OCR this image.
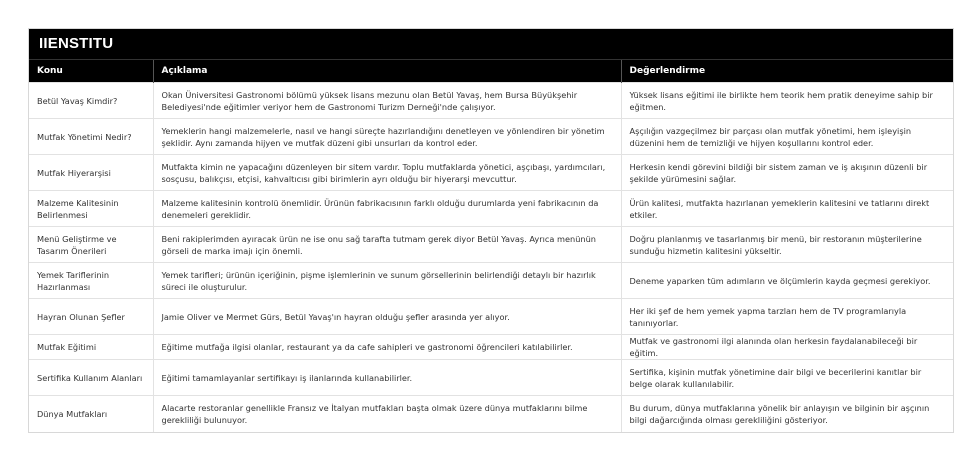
IIENSTITU
Konu	Açıklama	Değerlendirme
Betül Yavaş Kimdir?	Okan Üniversitesi Gastronomi bölümü yüksek lisans mezunu olan Betül Yavaş, hem Bursa Büyükşehir Belediyesi'nde eğitimler veriyor hem de Gastronomi Turizm Derneği'nde çalışıyor.	Yüksek lisans eğitimi ile birlikte hem teorik hem pratik deneyime sahip bir eğitmen.
Mutfak Yönetimi Nedir?	Yemeklerin hangi malzemelerle, nasıl ve hangi süreçte hazırlandığını denetleyen ve yönlendiren bir yönetim şeklidir. Aynı zamanda hijyen ve mutfak düzeni gibi unsurları da kontrol eder.	Aşçılığın vazgeçilmez bir parçası olan mutfak yönetimi, hem işleyişin düzenini hem de temizliği ve hijyen koşullarını kontrol eder.
Mutfak Hiyerarşisi	Mutfakta kimin ne yapacağını düzenleyen bir sitem vardır. Toplu mutfaklarda yönetici, aşçıbaşı, yardımcıları, sosçusu, balıkçısı, etçisi, kahvaltıcısı gibi birimlerin ayrı olduğu bir hiyerarşi mevcuttur.	Herkesin kendi görevini bildiği bir sistem zaman ve iş akışının düzenli bir şekilde yürümesini sağlar.
Malzeme Kalitesinin Belirlenmesi	Malzeme kalitesinin kontrolü önemlidir. Ürünün fabrikacısının farklı olduğu durumlarda yeni fabrikacının da denemeleri gereklidir.	Ürün kalitesi, mutfakta hazırlanan yemeklerin kalitesini ve tatlarını direkt etkiler.
Menü Geliştirme ve Tasarım Önerileri	Beni rakiplerimden ayıracak ürün ne ise onu sağ tarafta tutmam gerek diyor Betül Yavaş. Ayrıca menünün görseli de marka imajı için önemli.	Doğru planlanmış ve tasarlanmış bir menü, bir restoranın müşterilerine sunduğu hizmetin kalitesini yükseltir.
Yemek Tariflerinin Hazırlanması	Yemek tarifleri; ürünün içeriğinin, pişme işlemlerinin ve sunum görsellerinin belirlendiği detaylı bir hazırlık süreci ile oluşturulur.	Deneme yaparken tüm adımların ve ölçümlerin kayda geçmesi gerekiyor.
Hayran Olunan Şefler	Jamie Oliver ve Mermet Gürs, Betül Yavaş'ın hayran olduğu şefler arasında yer alıyor.	Her iki şef de hem yemek yapma tarzları hem de TV programlarıyla tanınıyorlar.
Mutfak Eğitimi	Eğitime mutfağa ilgisi olanlar, restaurant ya da cafe sahipleri ve gastronomi öğrencileri katılabilirler.	Mutfak ve gastronomi ilgi alanında olan herkesin faydalanabileceği bir eğitim.
Sertifika Kullanım Alanları	Eğitimi tamamlayanlar sertifikayı iş ilanlarında kullanabilirler.	Sertifika, kişinin mutfak yönetimine dair bilgi ve becerilerini kanıtlar bir belge olarak kullanılabilir.
Dünya Mutfakları	Alacarte restoranlar genellikle Fransız ve İtalyan mutfakları başta olmak üzere dünya mutfaklarını bilme gerekliliği bulunuyor.	Bu durum, dünya mutfaklarına yönelik bir anlayışın ve bilginin bir aşçının bilgi dağarcığında olması gerekliliğini gösteriyor.
